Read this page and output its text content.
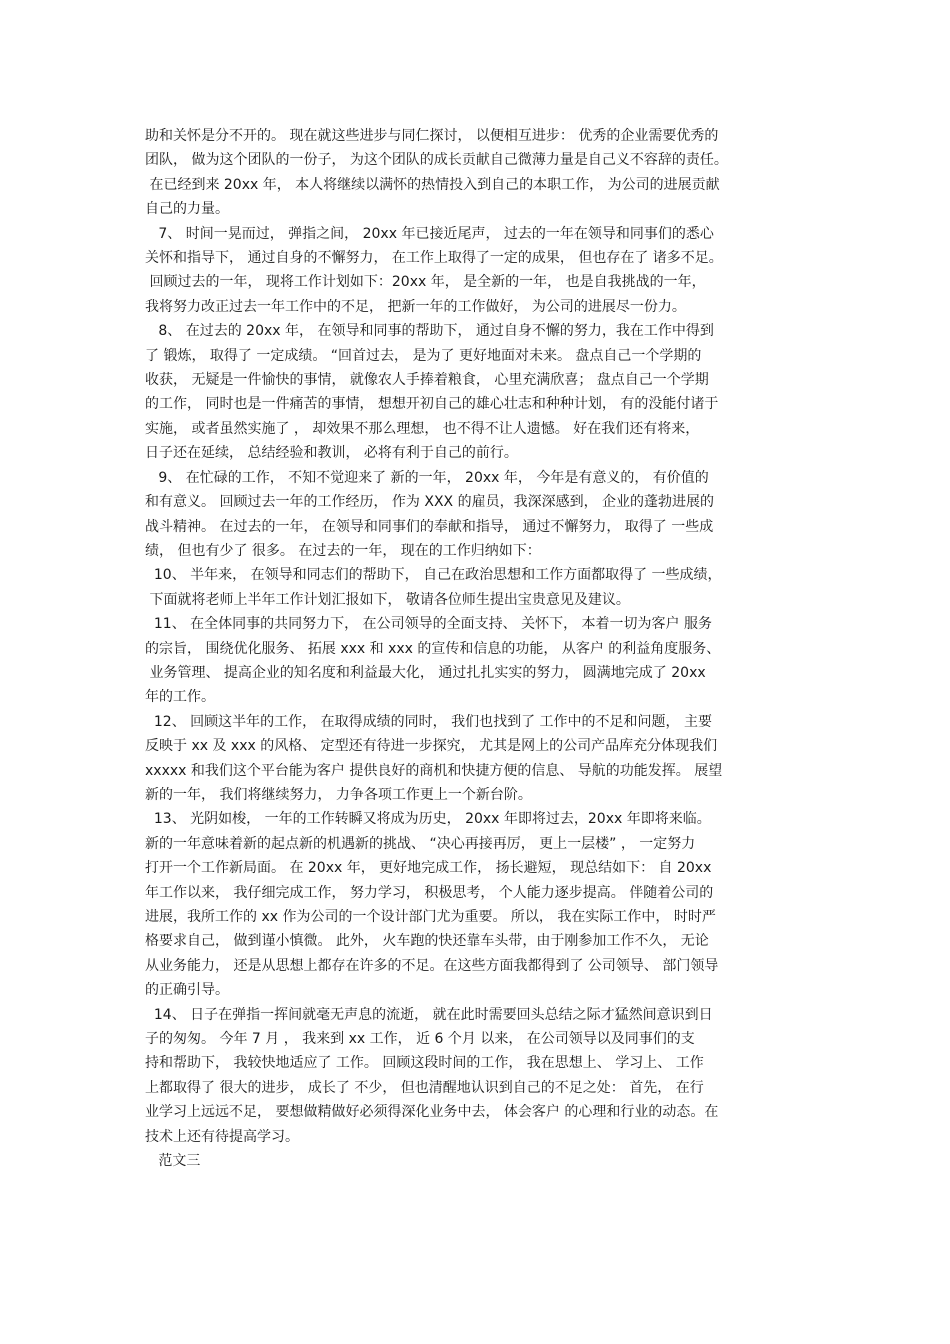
助和关怀是分不开的。 现在就这些进步与同仁探讨， 以便相互进步： 优秀的企业需要优秀的
团队， 做为这个团队的一份子， 为这个团队的成长贡献自己微薄力量是自己义不容辞的责任。
在已经到来 20xx 年， 本人将继续以满怀的热情投入到自己的本职工作， 为公司的进展贡献
自己的力量。
7、 时间一晃而过， 弹指之间， 20xx 年已接近尾声， 过去的一年在领导和同事们的悉心
关怀和指导下， 通过自身的不懈努力， 在工作上取得了一定的成果， 但也存在了 诸多不足。
回顾过去的一年， 现将工作计划如下：20xx 年， 是全新的一年， 也是自我挑战的一年，
我将努力改正过去一年工作中的不足， 把新一年的工作做好， 为公司的进展尽一份力。
8、 在过去的 20xx 年， 在领导和同事的帮助下， 通过自身不懈的努力，我在工作中得到
了 锻炼， 取得了 一定成绩。 “回首过去， 是为了 更好地面对未来。 盘点自己一个学期的
收获， 无疑是一件愉快的事情， 就像农人手捧着粮食， 心里充满欣喜； 盘点自己一个学期
的工作， 同时也是一件痛苦的事情， 想想开初自己的雄心壮志和种种计划， 有的没能付诸于
实施， 或者虽然实施了 ， 却效果不那么理想， 也不得不让人遗憾。 好在我们还有将来，
日子还在延续， 总结经验和教训， 必将有利于自己的前行。
9、 在忙碌的工作， 不知不觉迎来了 新的一年， 20xx 年， 今年是有意义的， 有价值的
和有意义。 回顾过去一年的工作经历， 作为 XXX 的雇员，我深深感到， 企业的蓬勃进展的
战斗精神。 在过去的一年， 在领导和同事们的奉献和指导， 通过不懈努力， 取得了 一些成
绩， 但也有少了 很多。 在过去的一年， 现在的工作归纳如下：
10、 半年来， 在领导和同志们的帮助下， 自己在政治思想和工作方面都取得了 一些成绩，
下面就将老师上半年工作计划汇报如下， 敬请各位师生提出宝贵意见及建议。
11、 在全体同事的共同努力下， 在公司领导的全面支持、 关怀下， 本着一切为客户 服务
的宗旨， 围绕优化服务、 拓展 xxx 和 xxx 的宣传和信息的功能， 从客户 的利益角度服务、
业务管理、 提高企业的知名度和利益最大化， 通过扎扎实实的努力， 圆满地完成了 20xx
年的工作。
12、 回顾这半年的工作， 在取得成绩的同时， 我们也找到了 工作中的不足和问题， 主要
反映于 xx 及 xxx 的风格、 定型还有待进一步探究， 尤其是网上的公司产品库充分体现我们
xxxxx 和我们这个平台能为客户 提供良好的商机和快捷方便的信息、 导航的功能发挥。 展望
新的一年， 我们将继续努力， 力争各项工作更上一个新台阶。
13、 光阴如梭， 一年的工作转瞬又将成为历史， 20xx 年即将过去，20xx 年即将来临。
新的一年意味着新的起点新的机遇新的挑战、 “决心再接再厉， 更上一层楼” ， 一定努力
打开一个工作新局面。 在 20xx 年， 更好地完成工作， 扬长避短， 现总结如下： 自 20xx
年工作以来， 我仔细完成工作， 努力学习， 积极思考， 个人能力逐步提高。 伴随着公司的
进展，我所工作的 xx 作为公司的一个设计部门尤为重要。 所以， 我在实际工作中， 时时严
格要求自己， 做到谨小慎微。 此外， 火车跑的快还靠车头带，由于刚参加工作不久， 无论
从业务能力， 还是从思想上都存在许多的不足。在这些方面我都得到了 公司领导、 部门领导
的正确引导。
14、 日子在弹指一挥间就毫无声息的流逝， 就在此时需要回头总结之际才猛然间意识到日
子的匆匆。 今年 7 月 ， 我来到 xx 工作， 近 6 个月 以来， 在公司领导以及同事们的支
持和帮助下， 我较快地适应了 工作。 回顾这段时间的工作， 我在思想上、 学习上、 工作
上都取得了 很大的进步， 成长了 不少， 但也清醒地认识到自己的不足之处： 首先， 在行
业学习上远远不足， 要想做精做好必须得深化业务中去， 体会客户 的心理和行业的动态。在
技术上还有待提高学习。
范文三
